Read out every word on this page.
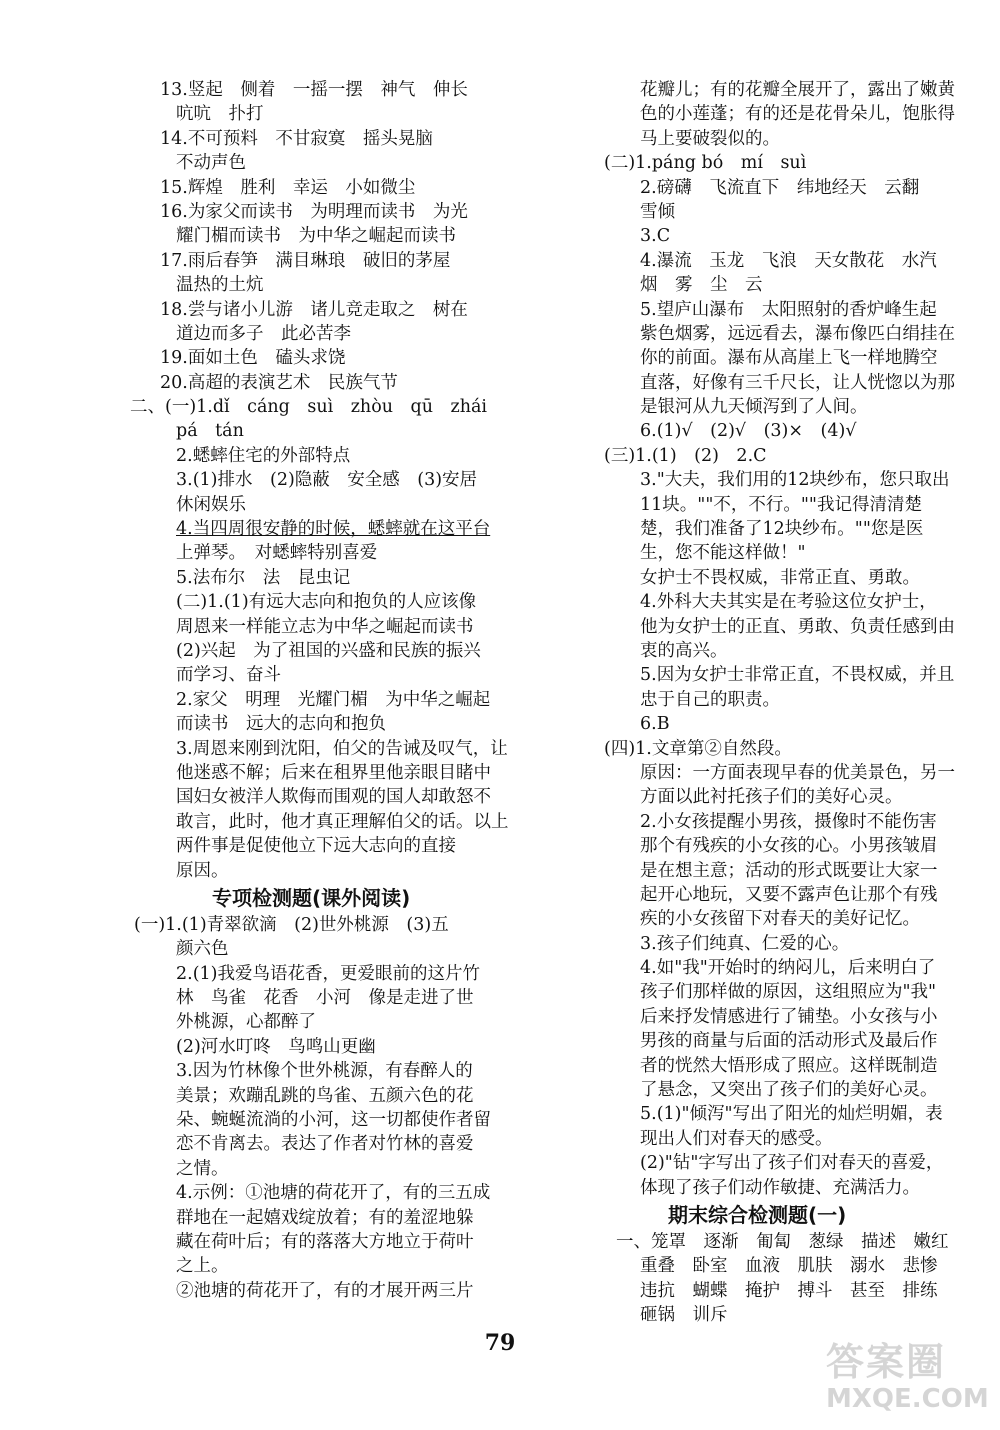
13.竖起　侧着　一摇一摆　神气　伸长
吭吭　扑打
14.不可预料　不甘寂寞　摇头晃脑
不动声色
15.辉煌　胜利　幸运　小如微尘
16.为家父而读书　为明理而读书　为光
耀门楣而读书　为中华之崛起而读书
17.雨后春笋　满目琳琅　破旧的茅屋
温热的土炕
18.尝与诸小儿游　诸儿竞走取之　树在
道边而多子　此必苦李
19.面如土色　磕头求饶
20.高超的表演艺术　民族气节
二、(一)1.dǐ　cáng　suì　zhòu　qū　zhái
pá　tán
2.蟋蟀住宅的外部特点
3.(1)排水　(2)隐蔽　安全感　(3)安居
休闲娱乐
4.当四周很安静的时候，蟋蟀就在这平台
上弹琴。　对蟋蟀特别喜爱
5.法布尔　法　昆虫记
(二)1.(1)有远大志向和抱负的人应该像
周恩来一样能立志为中华之崛起而读书
(2)兴起　为了祖国的兴盛和民族的振兴
而学习、奋斗
2.家父　明理　光耀门楣　为中华之崛起
而读书　远大的志向和抱负
3.周恩来刚到沈阳，伯父的告诫及叹气，让
他迷惑不解；后来在租界里他亲眼目睹中
国妇女被洋人欺侮而围观的国人却敢怒不
敢言，此时，他才真正理解伯父的话。以上
两件事是促使他立下远大志向的直接
原因。
专项检测题(课外阅读)
(一)1.(1)青翠欲滴　(2)世外桃源　(3)五
颜六色
2.(1)我爱鸟语花香，更爱眼前的这片竹
林　鸟雀　花香　小河　像是走进了世
外桃源，心都醉了
(2)河水叮咚　鸟鸣山更幽
3.因为竹林像个世外桃源，有春醉人的
美景；欢蹦乱跳的鸟雀、五颜六色的花
朵、蜿蜒流淌的小河，这一切都使作者留
恋不肯离去。表达了作者对竹林的喜爱
之情。
4.示例：①池塘的荷花开了，有的三五成
群地在一起嬉戏绽放着；有的羞涩地躲
藏在荷叶后；有的落落大方地立于荷叶
之上。
②池塘的荷花开了，有的才展开两三片
花瓣儿；有的花瓣全展开了，露出了嫩黄
色的小莲蓬；有的还是花骨朵儿，饱胀得
马上要破裂似的。
(二)1.páng bó　mí　suì
2.磅礴　飞流直下　纬地经天　云翻
雪倾
3.C
4.瀑流　玉龙　飞浪　天女散花　水汽
烟　雾　尘　云
5.望庐山瀑布　太阳照射的香炉峰生起
紫色烟雾，远远看去，瀑布像匹白绢挂在
你的前面。瀑布从高崖上飞一样地腾空
直落，好像有三千尺长，让人恍惚以为那
是银河从九天倾泻到了人间。
6.(1)√　(2)√　(3)×　(4)√
(三)1.(1)　(2)　2.C
3."大夫，我们用的12块纱布，您只取出
11块。""不，不行。""我记得清清楚
楚，我们准备了12块纱布。""您是医
生，您不能这样做！"
女护士不畏权威，非常正直、勇敢。
4.外科大夫其实是在考验这位女护士，
他为女护士的正直、勇敢、负责任感到由
衷的高兴。
5.因为女护士非常正直，不畏权威，并且
忠于自己的职责。
6.B
(四)1.文章第②自然段。
原因：一方面表现早春的优美景色，另一
方面以此衬托孩子们的美好心灵。
2.小女孩提醒小男孩，摄像时不能伤害
那个有残疾的小女孩的心。小男孩皱眉
是在想主意；活动的形式既要让大家一
起开心地玩，又要不露声色让那个有残
疾的小女孩留下对春天的美好记忆。
3.孩子们纯真、仁爱的心。
4.如"我"开始时的纳闷儿，后来明白了
孩子们那样做的原因，这组照应为"我"
后来抒发情感进行了铺垫。小女孩与小
男孩的商量与后面的活动形式及最后作
者的恍然大悟形成了照应。这样既制造
了悬念，又突出了孩子们的美好心灵。
5.(1)"倾泻"写出了阳光的灿烂明媚，表
现出人们对春天的感受。
(2)"钻"字写出了孩子们对春天的喜爱，
体现了孩子们动作敏捷、充满活力。
期末综合检测题(一)
一、笼罩　逐渐　匍匐　葱绿　描述　嫩红
重叠　卧室　血液　肌肤　溺水　悲惨
违抗　蝴蝶　掩护　搏斗　甚至　排练
砸锅　训斥
79	答案圈
MXQE.COM
